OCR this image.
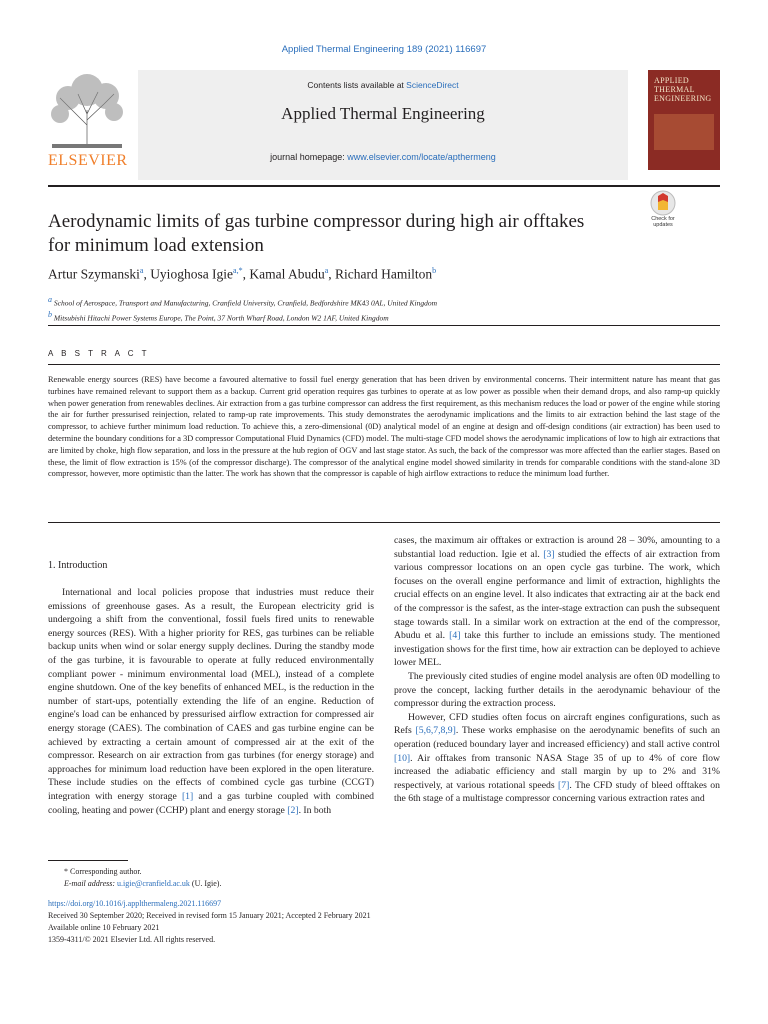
Applied Thermal Engineering 189 (2021) 116697
ELSEVIER
Contents lists available at ScienceDirect
Applied Thermal Engineering
journal homepage: www.elsevier.com/locate/apthermeng
APPLIED THERMAL ENGINEERING
Aerodynamic limits of gas turbine compressor during high air offtakes for minimum load extension
Check for updates
Artur Szymanski$^a$, Uyioghosa Igie$^{a,*}$, Kamal Abudu$^a$, Richard Hamilton$^b$
$^a$ School of Aerospace, Transport and Manufacturing, Cranfield University, Cranfield, Bedfordshire MK43 0AL, United Kingdom
$^b$ Mitsubishi Hitachi Power Systems Europe, The Point, 37 North Wharf Road, London W2 1AF, United Kingdom
A B S T R A C T
Renewable energy sources (RES) have become a favoured alternative to fossil fuel energy generation that has been driven by environmental concerns. Their intermittent nature has meant that gas turbines have remained relevant to support them as a backup. Current grid operation requires gas turbines to operate at as low power as possible when their demand drops, and also ramp-up quickly when power generation from renewables declines. Air extraction from a gas turbine compressor can address the first requirement, as this mechanism reduces the load or power of the engine while storing the air for further pressurised reinjection, related to ramp-up rate improvements. This study demonstrates the aerodynamic implications and the limits to air extraction behind the last stage of the compressor, to achieve further minimum load reduction. To achieve this, a zero-dimensional (0D) analytical model of an engine at design and off-design conditions (air extraction) has been used to determine the boundary conditions for a 3D compressor Computational Fluid Dynamics (CFD) model. The multi-stage CFD model shows the aerodynamic implications of low to high air extractions that are limited by choke, high flow separation, and loss in the pressure at the hub region of OGV and last stage stator. As such, the back of the compressor was more affected than the earlier stages. Based on these, the limit of flow extraction is 15% (of the compressor discharge). The compressor of the analytical engine model showed similarity in trends for comparable conditions with the stand-alone 3D compressor, however, more optimistic than the latter. The work has shown that the compressor is capable of high airflow extractions to reduce the minimum load further.
1. Introduction

International and local policies propose that industries must reduce their emissions of greenhouse gases. As a result, the European electricity grid is undergoing a shift from the conventional, fossil fuels fired units to renewable energy sources (RES). With a higher priority for RES, gas turbines can be reliable backup units when wind or solar energy supply declines. During the standby mode of the gas turbine, it is favourable to operate at fully reduced environmentally compliant power - minimum environmental load (MEL), instead of a complete engine shutdown. One of the key benefits of enhanced MEL, is the reduction in the number of start-ups, potentially extending the life of an engine. Reduction of engine's load can be enhanced by pressurised airflow extraction for compressed air energy storage (CAES). The combination of CAES and gas turbine engine can be achieved by extracting a certain amount of compressed air at the exit of the compressor. Research on air extraction from gas turbines (for energy storage) and approaches for minimum load reduction have been explored in the open literature. These include studies on the effects of combined cycle gas turbine (CCGT) integration with energy storage [1] and a gas turbine coupled with combined cooling, heating and power (CCHP) plant and energy storage [2]. In both

cases, the maximum air offtakes or extraction is around 28 – 30%, amounting to a substantial load reduction. Igie et al. [3] studied the effects of air extraction from various compressor locations on an open cycle gas turbine. The work, which focuses on the overall engine performance and limit of extraction, highlights the crucial effects on an engine level. It also indicates that extracting air at the back end of the compressor is the safest, as the inter-stage extraction can push the subsequent stage towards stall. In a similar work on extraction at the end of the compressor, Abudu et al. [4] take this further to include an emissions study. The mentioned investigation shows for the first time, how air extraction can be deployed to achieve lower MEL.

The previously cited studies of engine model analysis are often 0D modelling to prove the concept, lacking further details in the aerodynamic behaviour of the compressor during the extraction process.

However, CFD studies often focus on aircraft engines configurations, such as Refs [5,6,7,8,9]. These works emphasise on the aerodynamic benefits of such an operation (reduced boundary layer and increased efficiency) and stall active control [10]. Air offtakes from transonic NASA Stage 35 of up to 4% of core flow increased the adiabatic efficiency and stall margin by up to 2% and 31% respectively, at various rotational speeds [7]. The CFD study of bleed offtakes on the 6th stage of a multistage compressor concerning various extraction rates and

* Corresponding author.
E-mail address: u.igie@cranfield.ac.uk (U. Igie).
https://doi.org/10.1016/j.applthermaleng.2021.116697
Received 30 September 2020; Received in revised form 15 January 2021; Accepted 2 February 2021
Available online 10 February 2021
1359-4311/© 2021 Elsevier Ltd. All rights reserved.
